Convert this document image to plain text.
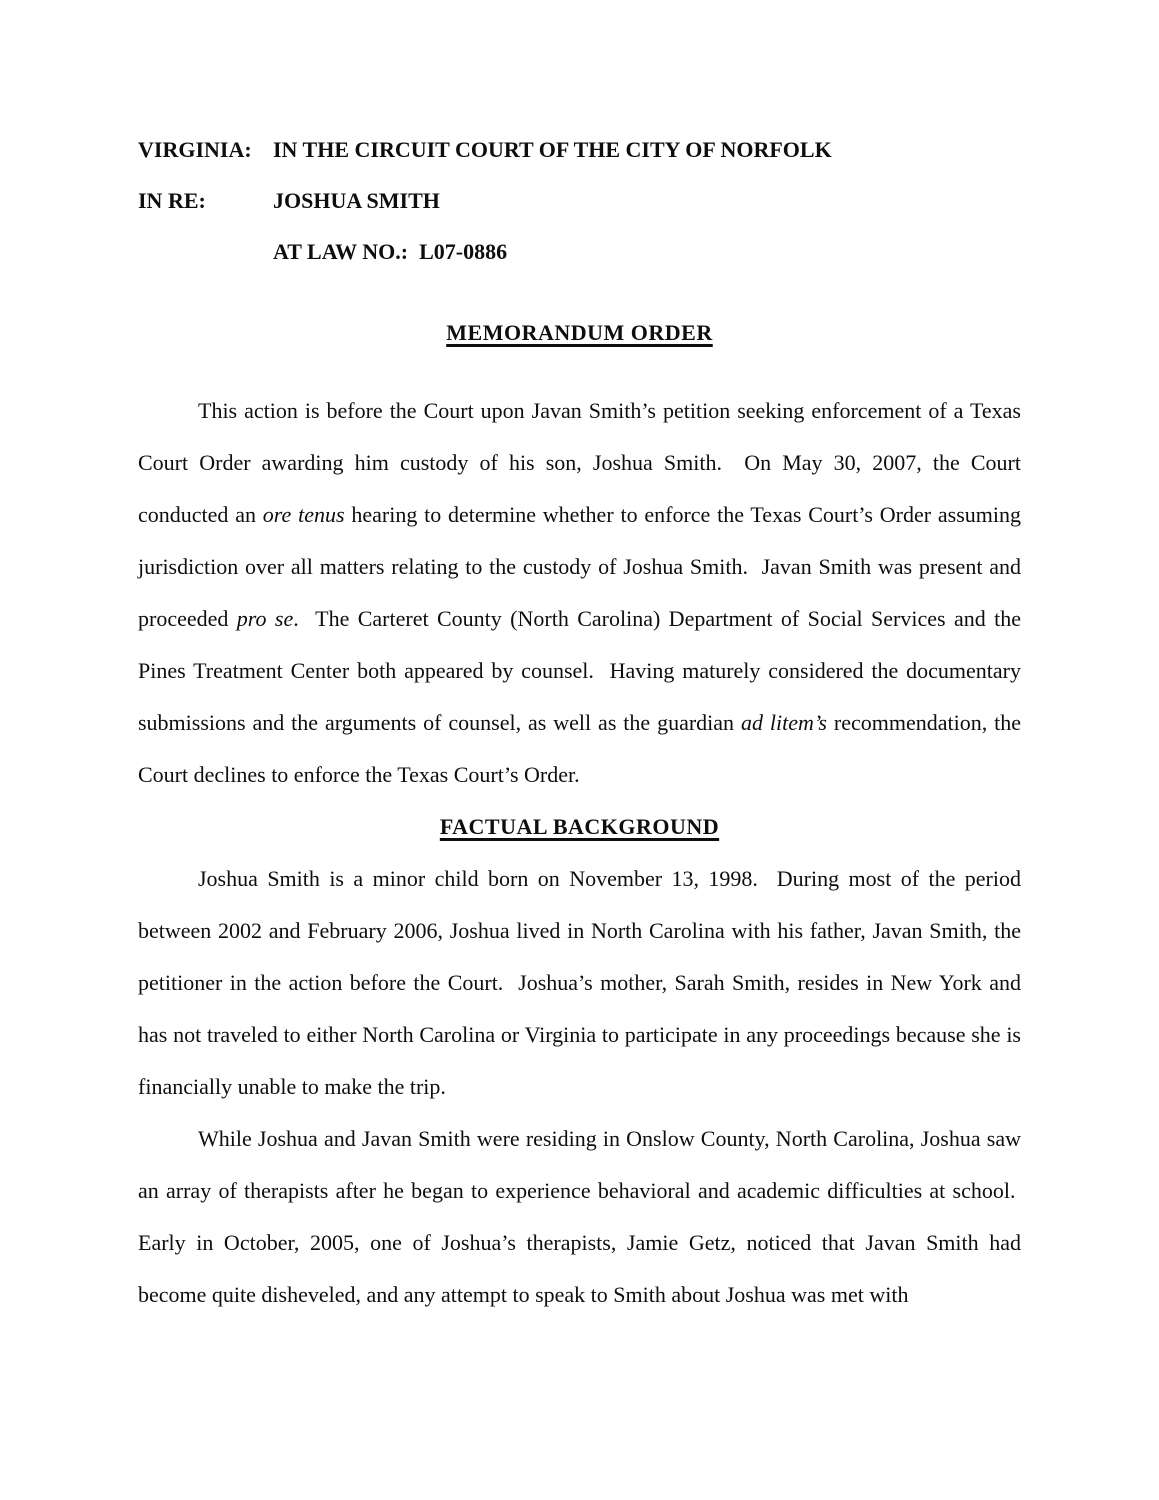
VIRGINIA: IN THE CIRCUIT COURT OF THE CITY OF NORFOLK
IN RE:	JOSHUA SMITH
AT LAW NO.:  L07-0886
MEMORANDUM ORDER

This action is before the Court upon Javan Smith’s petition seeking enforcement of a Texas Court Order awarding him custody of his son, Joshua Smith.  On May 30, 2007, the Court conducted an ore tenus hearing to determine whether to enforce the Texas Court’s Order assuming jurisdiction over all matters relating to the custody of Joshua Smith.  Javan Smith was present and proceeded pro se.  The Carteret County (North Carolina) Department of Social Services and the Pines Treatment Center both appeared by counsel.  Having maturely considered the documentary submissions and the arguments of counsel, as well as the guardian ad litem’s recommendation, the Court declines to enforce the Texas Court’s Order.

FACTUAL BACKGROUND

Joshua Smith is a minor child born on November 13, 1998.  During most of the period between 2002 and February 2006, Joshua lived in North Carolina with his father, Javan Smith, the petitioner in the action before the Court.  Joshua’s mother, Sarah Smith, resides in New York and has not traveled to either North Carolina or Virginia to participate in any proceedings because she is financially unable to make the trip.

While Joshua and Javan Smith were residing in Onslow County, North Carolina, Joshua saw an array of therapists after he began to experience behavioral and academic difficulties at school.  Early in October, 2005, one of Joshua’s therapists, Jamie Getz, noticed that Javan Smith had become quite disheveled, and any attempt to speak to Smith about Joshua was met with
